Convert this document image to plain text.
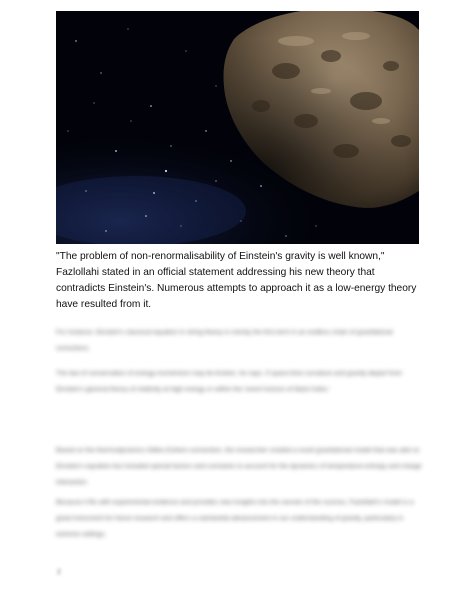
"The problem of non-renormalisability of Einstein's gravity is well known," Fazlollahi stated in an official statement addressing his new theory that contradicts Einstein's. Numerous attempts to approach it as a low-energy theory have resulted from it.

For instance, Einstein's classical equation in string theory is merely the first term in an endless chain of gravitational corrections.

The law of conservation of energy-momentum may be broken, he says, if space-time curvature and gravity depart from Einstein's general theory of relativity at high energy or within the 'event horizon of black holes.'

Based on the thermodynamics Gibbs-Duhem connection, the researcher created a novel gravitational model that was akin to Einstein's equation but included special factors and constants to account for the dynamics of temperature-entropy and charge interaction.

Because it fits with experimental evidence and provides new insights into the secrets of the cosmos, Fazlollahi's model is a great instrument for future research and offers a substantial advancement in our understanding of gravity, particularly in extreme settings.

2
